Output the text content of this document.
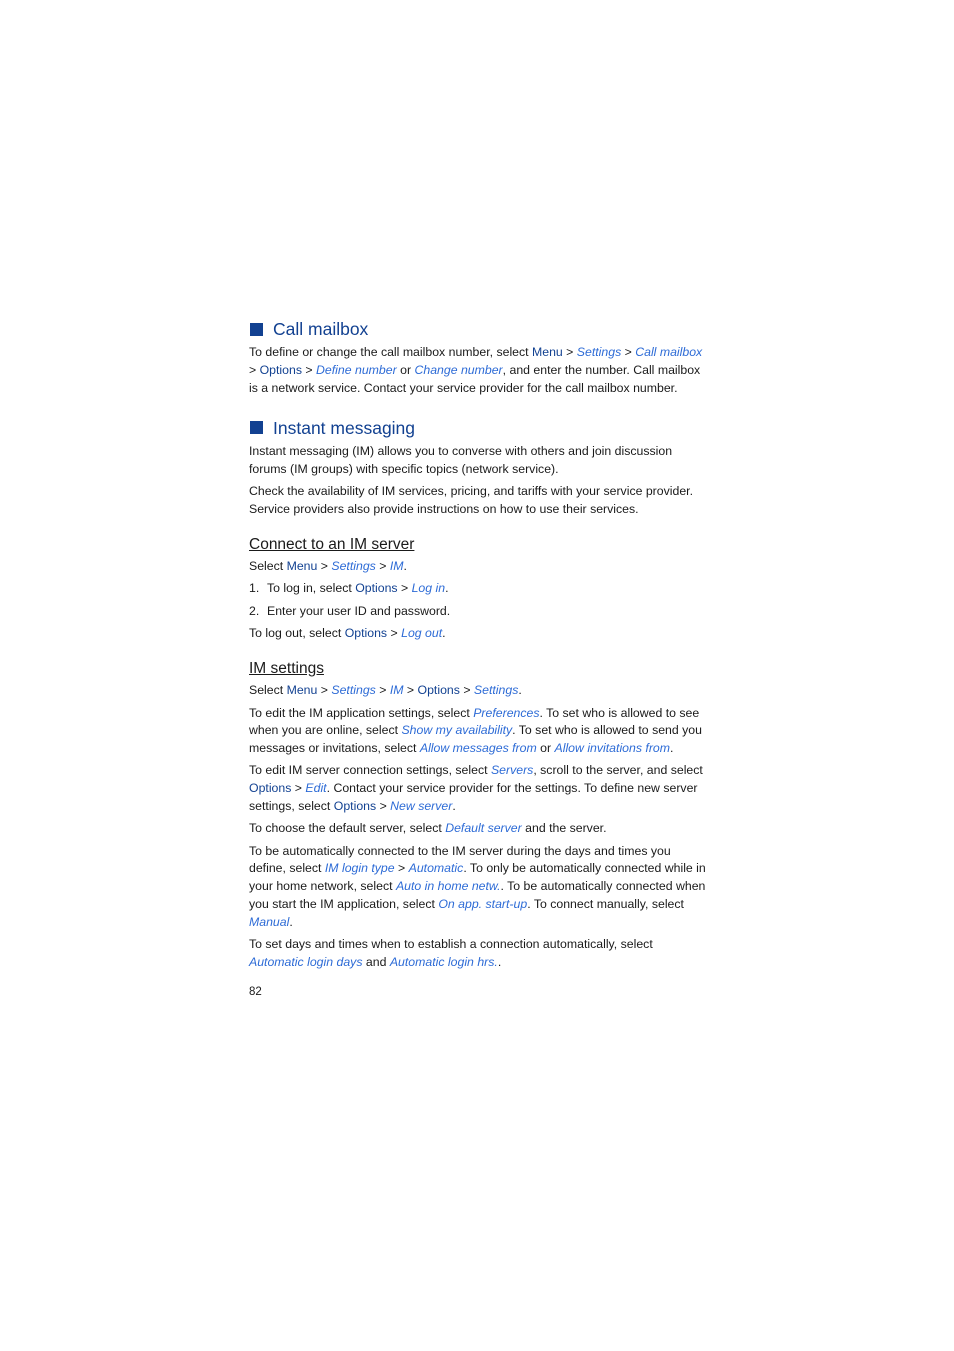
Call mailbox

To define or change the call mailbox number, select Menu > Settings > Call mailbox > Options > Define number or Change number, and enter the number. Call mailbox is a network service. Contact your service provider for the call mailbox number.

Instant messaging

Instant messaging (IM) allows you to converse with others and join discussion forums (IM groups) with specific topics (network service).

Check the availability of IM services, pricing, and tariffs with your service provider. Service providers also provide instructions on how to use their services.

Connect to an IM server

Select Menu > Settings > IM.

1. To log in, select Options > Log in.
2. Enter your user ID and password.

To log out, select Options > Log out.

IM settings

Select Menu > Settings > IM > Options > Settings.

To edit the IM application settings, select Preferences. To set who is allowed to see when you are online, select Show my availability. To set who is allowed to send you messages or invitations, select Allow messages from or Allow invitations from.

To edit IM server connection settings, select Servers, scroll to the server, and select Options > Edit. Contact your service provider for the settings. To define new server settings, select Options > New server.

To choose the default server, select Default server and the server.

To be automatically connected to the IM server during the days and times you define, select IM login type > Automatic. To only be automatically connected while in your home network, select Auto in home netw.. To be automatically connected when you start the IM application, select On app. start-up. To connect manually, select Manual.

To set days and times when to establish a connection automatically, select Automatic login days and Automatic login hrs..

82
